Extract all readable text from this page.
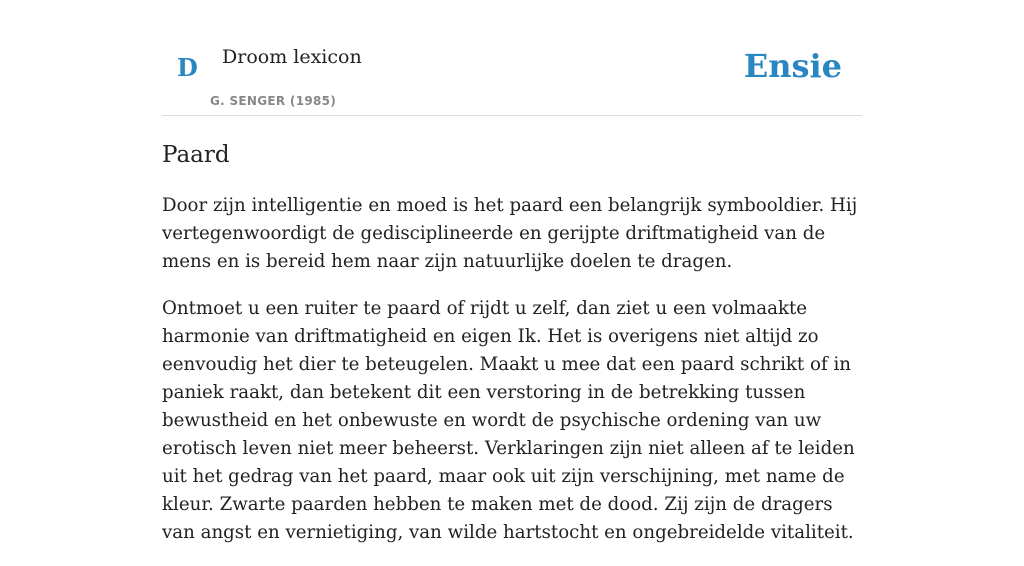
D Droom lexicon
G. SENGER (1985)
Ensie
Paard

Door zijn intelligentie en moed is het paard een belangrijk symbooldier. Hij vertegenwoordigt de gedisciplineerde en gerijpte driftmatigheid van de mens en is bereid hem naar zijn natuurlijke doelen te dragen.

Ontmoet u een ruiter te paard of rijdt u zelf, dan ziet u een volmaakte harmonie van driftmatigheid en eigen Ik. Het is overigens niet altijd zo eenvoudig het dier te beteugelen. Maakt u mee dat een paard schrikt of in paniek raakt, dan betekent dit een verstoring in de betrekking tussen bewustheid en het onbewuste en wordt de psychische ordening van uw erotisch leven niet meer beheerst. Verklaringen zijn niet alleen af te leiden uit het gedrag van het paard, maar ook uit zijn verschijning, met name de kleur. Zwarte paarden hebben te maken met de dood. Zij zijn de dragers van angst en vernietiging, van wilde hartstocht en ongebreidelde vitaliteit.
